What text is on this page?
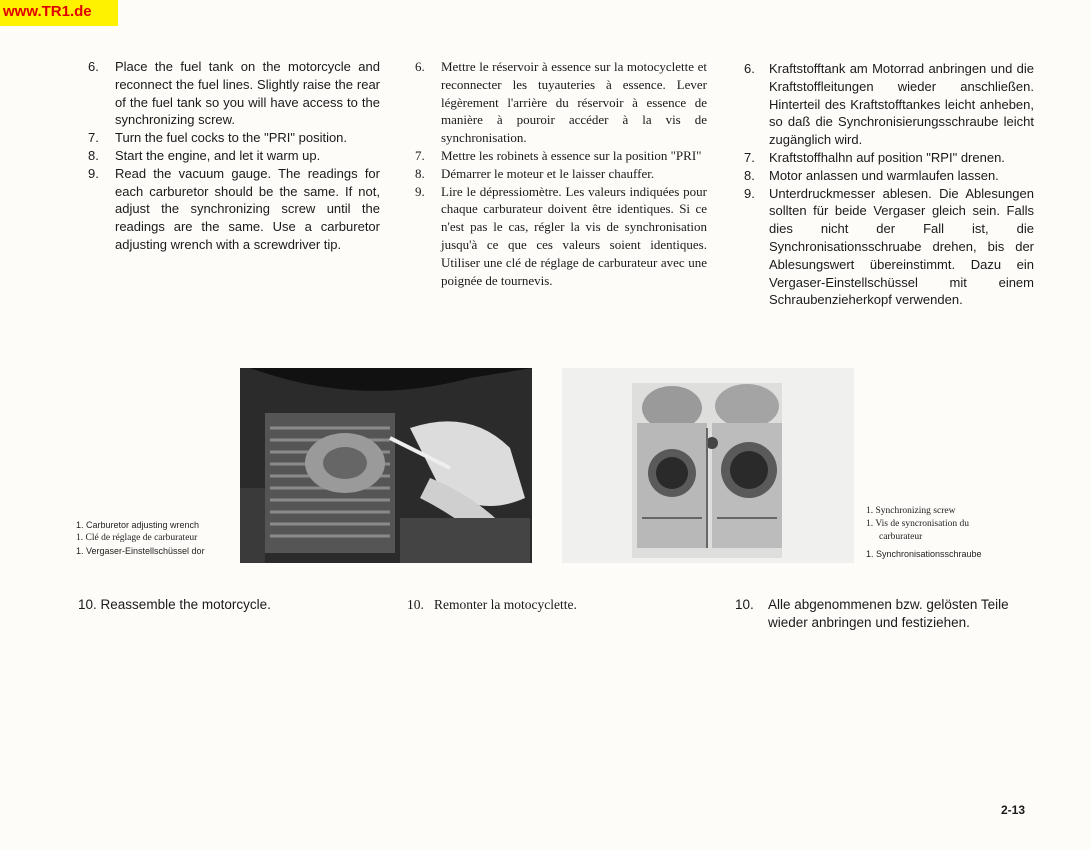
www.TR1.de
6. Place the fuel tank on the motorcycle and reconnect the fuel lines. Slightly raise the rear of the fuel tank so you will have access to the synchronizing screw.
7. Turn the fuel cocks to the "PRI" position.
8. Start the engine, and let it warm up.
9. Read the vacuum gauge. The readings for each carburetor should be the same. If not, adjust the synchronizing screw until the readings are the same. Use a carburetor adjusting wrench with a screwdriver tip.
6. Mettre le réservoir à essence sur la motocyclette et reconnecter les tuyauteries à essence. Lever légèrement l'arrière du réservoir à essence de manière à pouroir accéder à la vis de synchronisation.
7. Mettre les robinets à essence sur la position "PRI"
8. Démarrer le moteur et le laisser chauffer.
9. Lire le dépressiomètre. Les valeurs indiquées pour chaque carburateur doivent être identiques. Si ce n'est pas le cas, régler la vis de synchronisation jusqu'à ce que ces valeurs soient identiques. Utiliser une clé de réglage de carburateur avec une poignée de tournevis.
6. Kraftstofftank am Motorrad anbringen und die Kraftstoffleitungen wieder anschließen. Hinterteil des Kraftstofftankes leicht anheben, so daß die Synchronisierungsschraube leicht zugänglich wird.
7. Kraftstoffhalhn auf position "RPI" drenen.
8. Motor anlassen und warmlaufen lassen.
9. Unterdruckmesser ablesen. Die Ablesungen sollten für beide Vergaser gleich sein. Falls dies nicht der Fall ist, die Synchronisationsschruabe drehen, bis der Ablesungswert übereinstimmt. Dazu ein Vergaser-Einstellschüssel mit einem Schraubenzieherkopf verwenden.

1. Carburetor adjusting wrench

1. Clé de réglage de carburateur

1. Vergaser-Einstellschüssel dor

1. Synchronizing screw

1. Vis de syncronisation du

carburateur

1. Synchronisationsschraube

10. Reassemble the motorcycle.	10. Remonter la motocyclette.	10. Alle abgenommenen bzw. gelösten Teile wieder anbringen und festiziehen.
2-13
